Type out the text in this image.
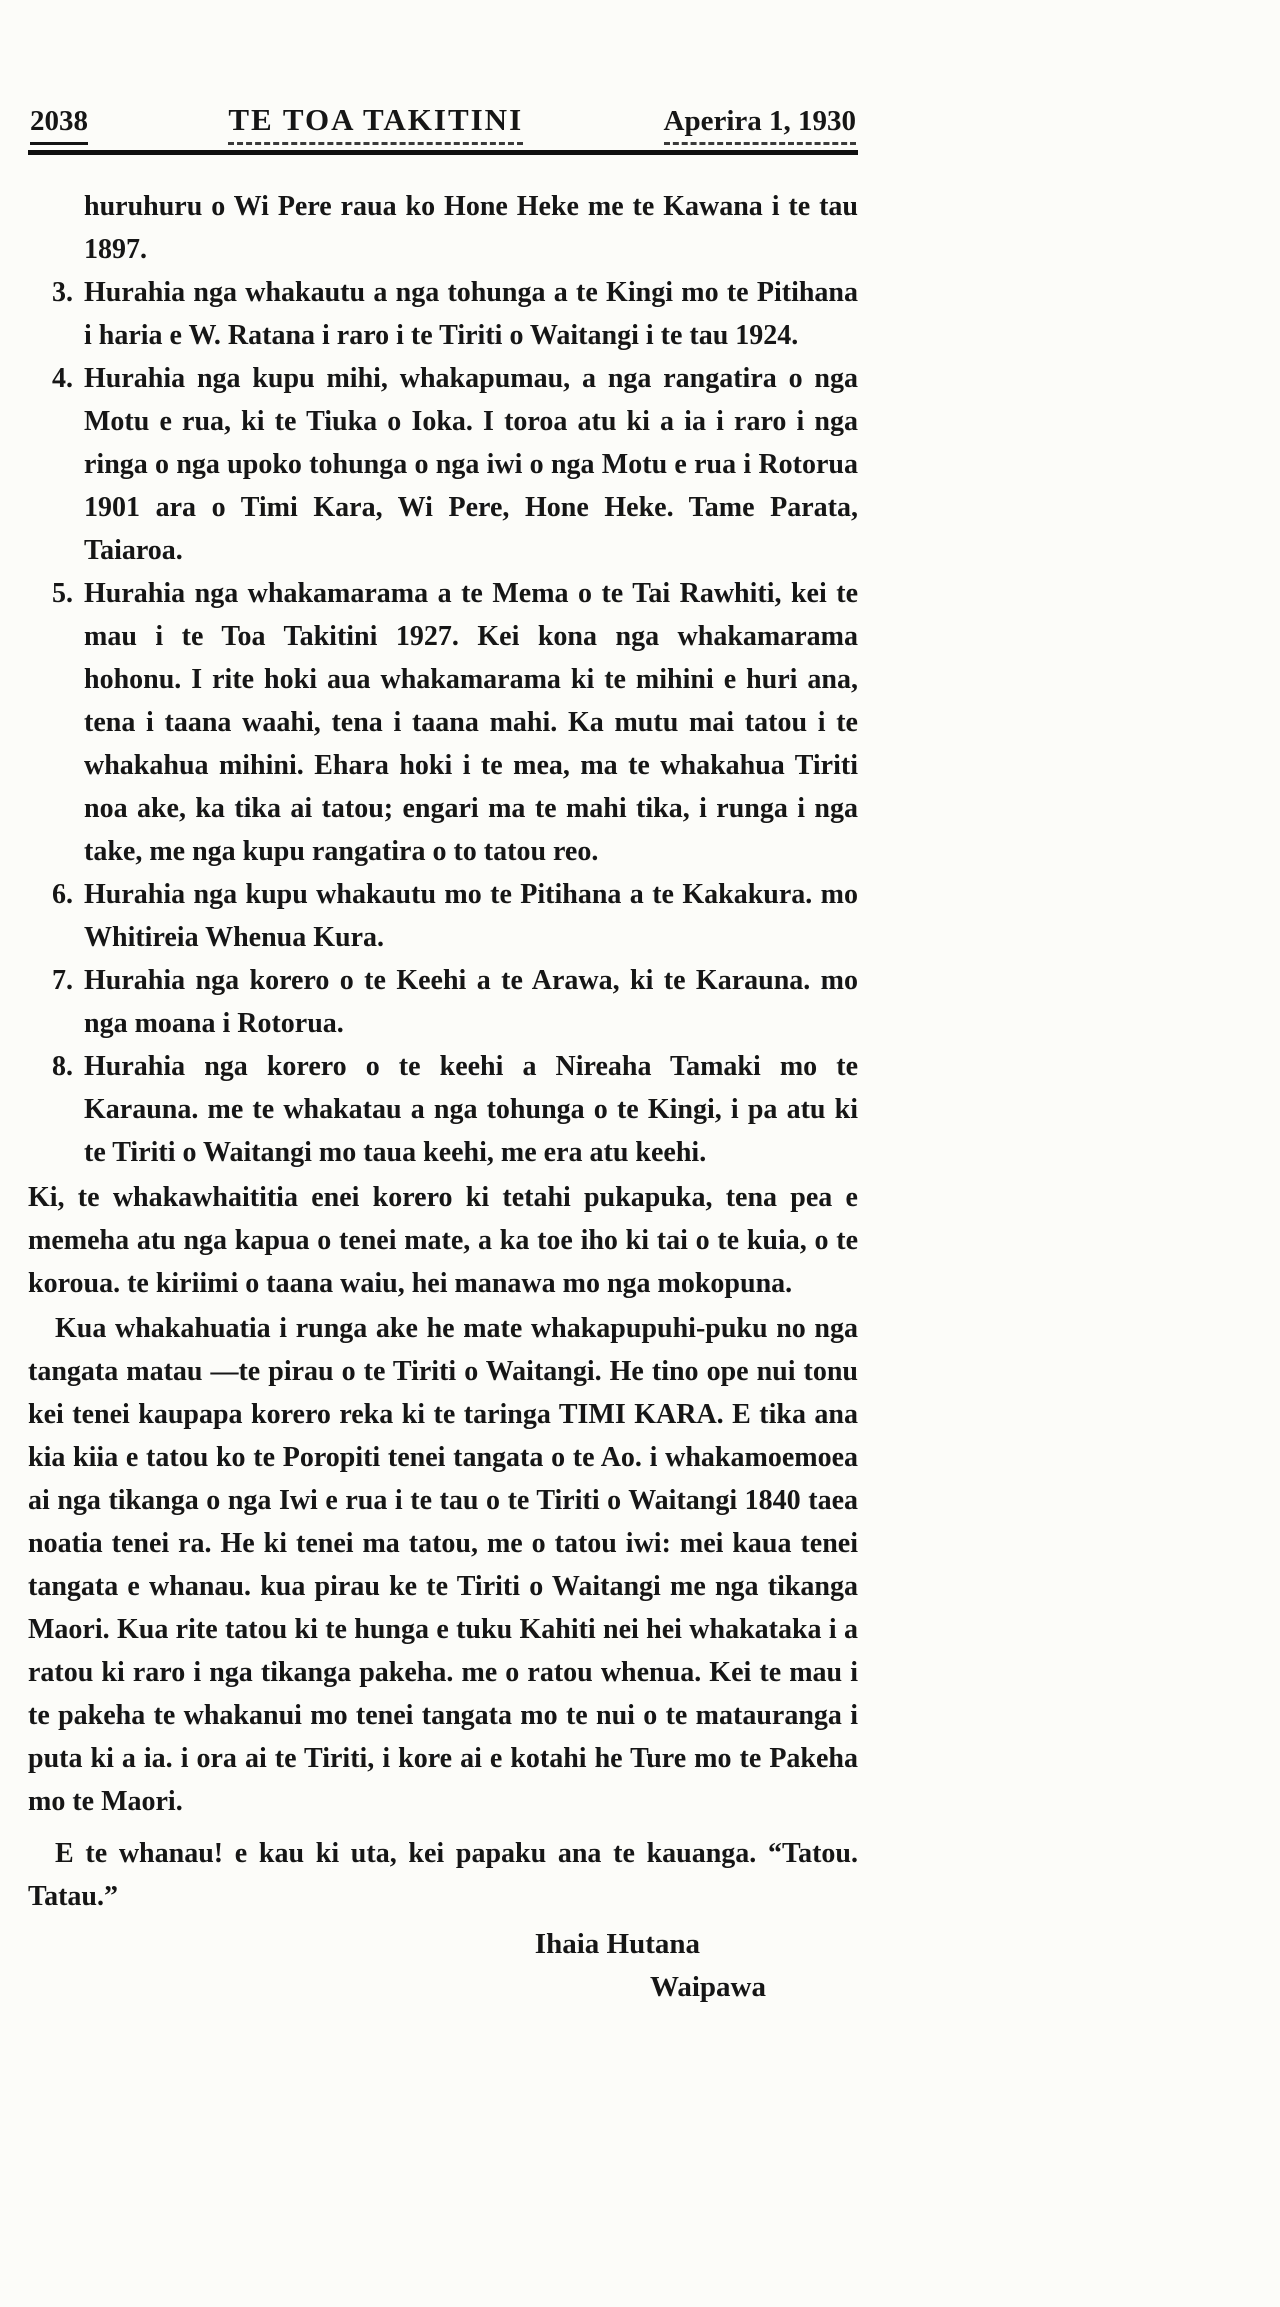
2038	TE TOA TAKITINI	Aperira 1, 1930
huruhuru o Wi Pere raua ko Hone Heke me te Kawana i te tau 1897.
3. Hurahia nga whakautu a nga tohunga a te Kingi mo te Pitihana i haria e W. Ratana i raro i te Tiriti o Waitangi i te tau 1924.
4. Hurahia nga kupu mihi, whakapumau, a nga rangatira o nga Motu e rua, ki te Tiuka o Ioka. I toroa atu ki a ia i raro i nga ringa o nga upoko tohunga o nga iwi o nga Motu e rua i Rotorua 1901 ara o Timi Kara, Wi Pere, Hone Heke. Tame Parata, Taiaroa.
5. Hurahia nga whakamarama a te Mema o te Tai Rawhiti, kei te mau i te Toa Takitini 1927. Kei kona nga whakamarama hohonu. I rite hoki aua whakamarama ki te mihini e huri ana, tena i taana waahi, tena i taana mahi. Ka mutu mai tatou i te whakahua mihini. Ehara hoki i te mea, ma te whakahua Tiriti noa ake, ka tika ai tatou; engari ma te mahi tika, i runga i nga take, me nga kupu rangatira o to tatou reo.
6. Hurahia nga kupu whakautu mo te Pitihana a te Kakakura. mo Whitireia Whenua Kura.
7. Hurahia nga korero o te Keehi a te Arawa, ki te Karauna. mo nga moana i Rotorua.
8. Hurahia nga korero o te keehi a Nireaha Tamaki mo te Karauna. me te whakatau a nga tohunga o te Kingi, i pa atu ki te Tiriti o Waitangi mo taua keehi, me era atu keehi.
Ki, te whakawhaititia enei korero ki tetahi pukapuka, tena pea e memeha atu nga kapua o tenei mate, a ka toe iho ki tai o te kuia, o te koroua. te kiriimi o taana waiu, hei manawa mo nga mokopuna.
Kua whakahuatia i runga ake he mate whakapupuhi-puku no nga tangata matau —te pirau o te Tiriti o Waitangi. He tino ope nui tonu kei tenei kaupapa korero reka ki te taringa TIMI KARA. E tika ana kia kiia e tatou ko te Poropiti tenei tangata o te Ao. i whakamoemoea ai nga tikanga o nga Iwi e rua i te tau o te Tiriti o Waitangi 1840 taea noatia tenei ra. He ki tenei ma tatou, me o tatou iwi: mei kaua tenei tangata e whanau. kua pirau ke te Tiriti o Waitangi me nga tikanga Maori. Kua rite tatou ki te hunga e tuku Kahiti nei hei whakataka i a ratou ki raro i nga tikanga pakeha. me o ratou whenua. Kei te mau i te pakeha te whakanui mo tenei tangata mo te nui o te matauranga i puta ki a ia. i ora ai te Tiriti, i kore ai e kotahi he Ture mo te Pakeha mo te Maori.
E te whanau! e kau ki uta, kei papaku ana te kauanga. “Tatou. Tatau.”
Ihaia Hutana
Waipawa
